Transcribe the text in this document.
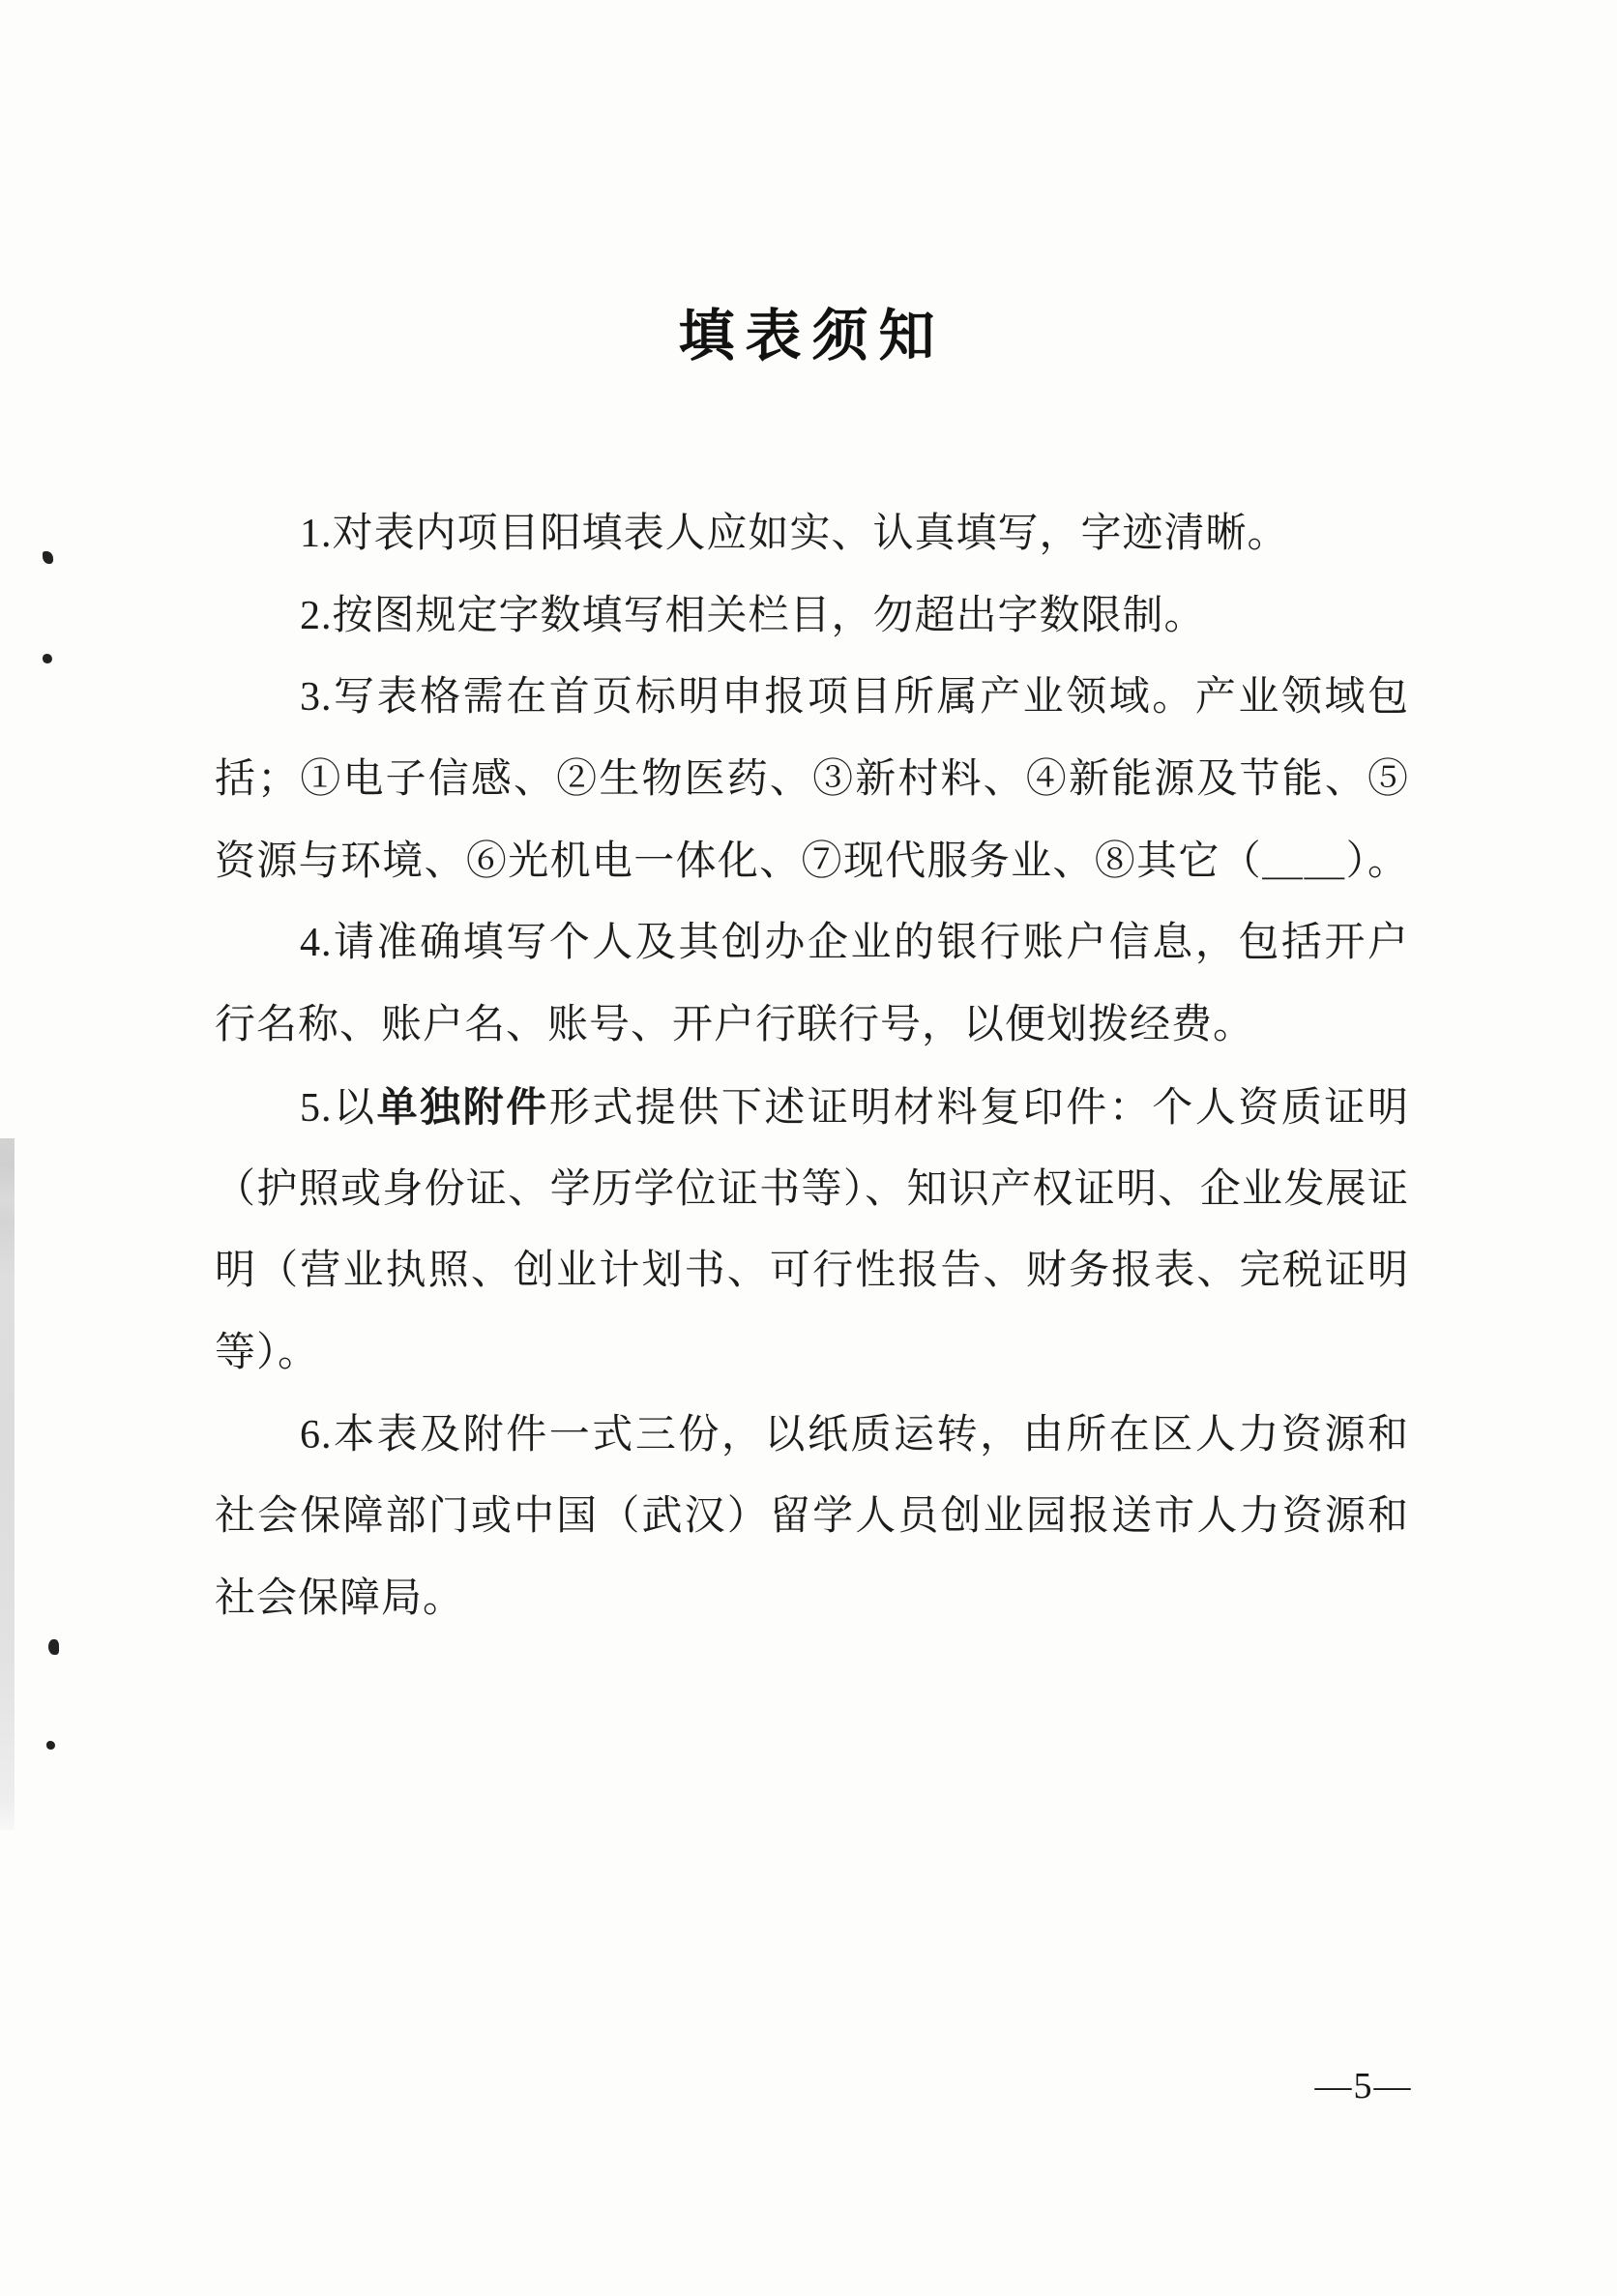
填表须知
1.对表内项目阳填表人应如实、认真填写，字迹清晰。
2.按图规定字数填写相关栏目，勿超出字数限制。
3.写表格需在首页标明申报项目所属产业领域。产业领域包
括；①电子信感、②生物医药、③新村料、④新能源及节能、⑤
资源与环境、⑥光机电一体化、⑦现代服务业、⑧其它（＿＿）。
4.请准确填写个人及其创办企业的银行账户信息，包括开户
行名称、账户名、账号、开户行联行号，以便划拨经费。
5.以单独附件形式提供下述证明材料复印件：个人资质证明
（护照或身份证、学历学位证书等）、知识产权证明、企业发展证
明（营业执照、创业计划书、可行性报告、财务报表、完税证明
等）。
6.本表及附件一式三份，以纸质运转，由所在区人力资源和
社会保障部门或中国（武汉）留学人员创业园报送市人力资源和
社会保障局。
—5—
